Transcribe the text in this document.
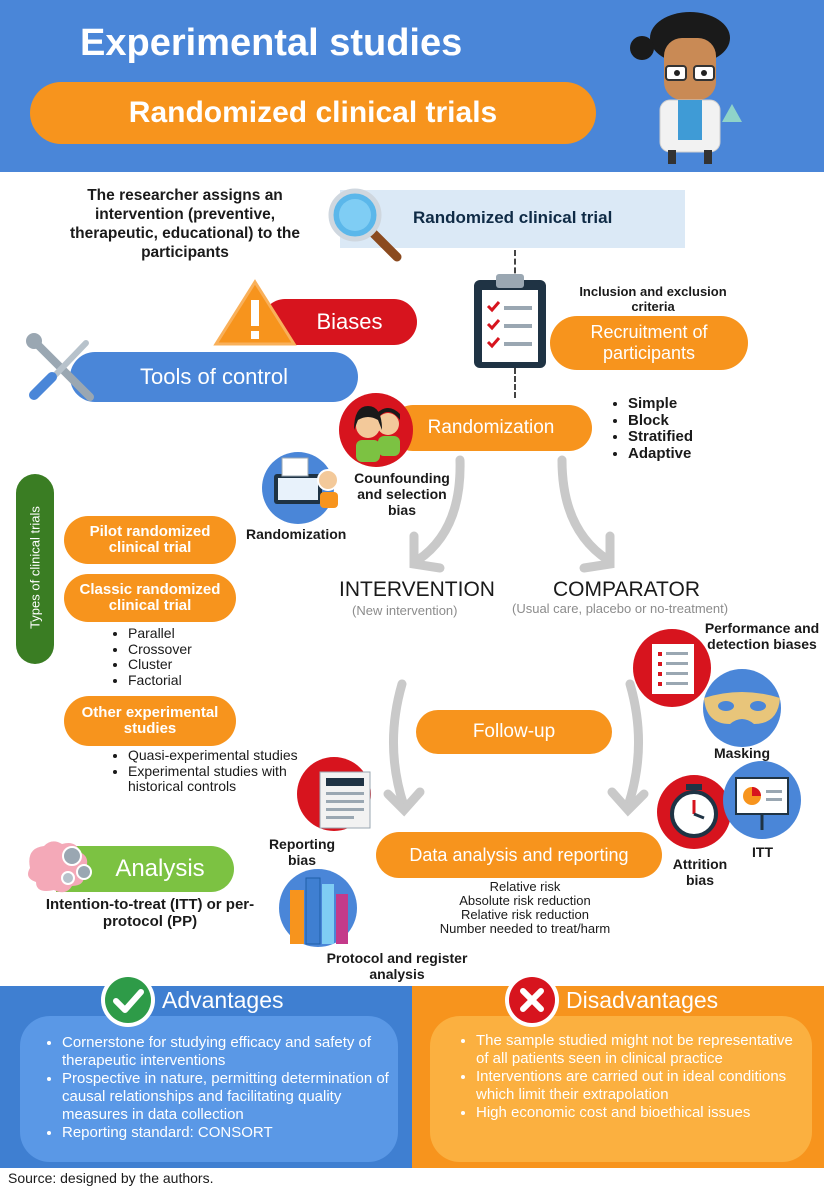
Experimental studies
Randomized clinical trials
The researcher assigns an intervention (preventive, therapeutic, educational) to the participants
Randomized clinical trial
Inclusion and exclusion criteria
Recruitment of participants
Biases
Tools of control
Randomization
• Simple
• Block
• Stratified
• Adaptive
Counfounding and selection bias
Randomization
INTERVENTION
(New intervention)
COMPARATOR
(Usual care, placebo or no-treatment)
Types of clinical trials	Pilot randomized clinical trial
Classic randomized clinical trial
• Parallel
• Crossover
• Cluster
• Factorial
Other experimental studies
• Quasi-experimental studies
• Experimental studies with historical controls
Follow-up
Performance and detection biases
Masking
Attrition bias
ITT
Reporting bias	Data analysis and reporting
Relative risk
Absolute risk reduction
Relative risk reduction
Number needed to treat/harm
Protocol and register analysis
Analysis
Intention-to-treat (ITT) or per-protocol (PP)
Advantages
• Cornerstone for studying efficacy and safety of therapeutic interventions
• Prospective in nature, permitting determination of causal relationships and facilitating quality measures in data collection
• Reporting standard: CONSORT
Disadvantages
• The sample studied might not be representative of all patients seen in clinical practice
• Interventions are carried out in ideal conditions which limit their extrapolation
• High economic cost and bioethical issues
Source: designed by the authors.
